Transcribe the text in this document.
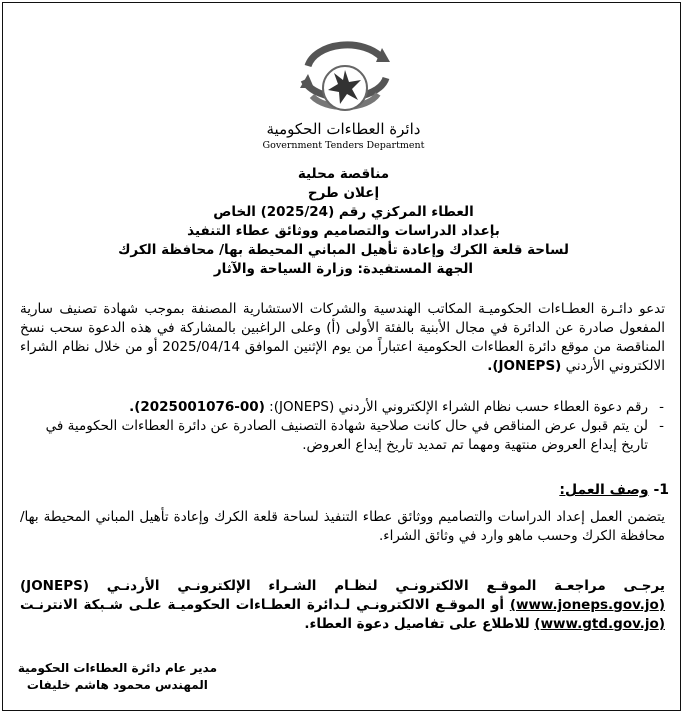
دائرة العطاءات الحكومية
Government Tenders Department
مناقصة محلية
إعلان طرح
العطاء المركزي رقم (2025/24) الخاص
بإعداد الدراسات والتصاميم ووثائق عطاء التنفيذ
لساحة قلعة الكرك وإعادة تأهيل المباني المحيطة بها/ محافظة الكرك
الجهة المستفيدة: وزارة السياحة والآثار

تدعو دائـرة العطـاءات الحكوميـة المكاتب الهندسية والشركات الاستشارية المصنفة بموجب شهادة تصنيف سارية المفعول صادرة عن الدائرة في مجال الأبنية بالفئة الأولى (أ) وعلى الراغبين بالمشاركة في هذه الدعوة سحب نسخ المناقصة من موقع دائرة العطاءات الحكومية اعتباراً من يوم الإثنين الموافق 2025/04/14 أو من خلال نظام الشراء الالكتروني الأردني (JONEPS).

- رقم دعوة العطاء حسب نظام الشراء الإلكتروني الأردني (JONEPS): (2025001076-00).
- لن يتم قبول عرض المناقص في حال كانت صلاحية شهادة التصنيف الصادرة عن دائرة العطاءات الحكومية في تاريخ إيداع العروض منتهية ومهما تم تمديد تاريخ إيداع العروض.
1- وصف العمل:

يتضمن العمل إعداد الدراسات والتصاميم ووثائق عطاء التنفيذ لساحة قلعة الكرك وإعادة تأهيل المباني المحيطة بها/ محافظة الكرك وحسب ماهو وارد في وثائق الشراء.

يرجـى مراجعـة الموقـع الالكترونـي لنظـام الشـراء الإلكترونـي الأردنـي (JONEPS) (www.joneps.gov.jo) أو الموقـع الالكترونـي لـدائرة العطـاءات الحكوميـة علـى شـبكة الانترنـت (www.gtd.gov.jo) للاطلاع على تفاصيل دعوة العطاء.

مدير عام دائرة العطاءات الحكومية
المهندس محمود هاشم خليفات
